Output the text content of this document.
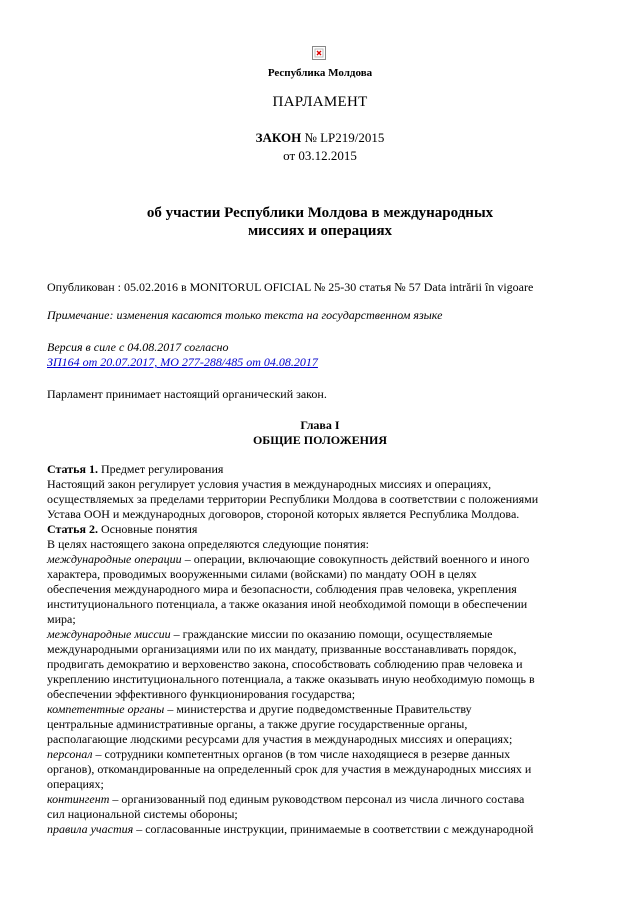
Республика Молдова
ПАРЛАМЕНТ
ЗАКОН № LP219/2015
от 03.12.2015
об участии Республики Молдова в международных
миссиях и операциях
Опубликован : 05.02.2016 в MONITORUL OFICIAL № 25-30 статья № 57 Data intrării în vigoare
Примечание: изменения касаются только текста на государственном языке
Версия в силе с 04.08.2017 согласно
ЗП164 от 20.07.2017, МО 277-288/485 от 04.08.2017
Парламент принимает настоящий органический закон.
Глава I
ОБЩИЕ ПОЛОЖЕНИЯ
Статья 1. Предмет регулирования
Настоящий закон регулирует условия участия в международных миссиях и операциях,
осуществляемых за пределами территории Республики Молдова в соответствии с положениями
Устава ООН и международных договоров, стороной которых является Республика Молдова.
Статья 2. Основные понятия
В целях настоящего закона определяются следующие понятия:
международные операции – операции, включающие совокупность действий военного и иного
характера, проводимых вооруженными силами (войсками) по мандату ООН в целях
обеспечения международного мира и безопасности, соблюдения прав человека, укрепления
институционального потенциала, а также оказания иной необходимой помощи в обеспечении
мира;
международные миссии – гражданские миссии по оказанию помощи, осуществляемые
международными организациями или по их мандату, призванные восстанавливать порядок,
продвигать демократию и верховенство закона, способствовать соблюдению прав человека и
укреплению институционального потенциала, а также оказывать иную необходимую помощь в
обеспечении эффективного функционирования государства;
компетентные органы – министерства и другие подведомственные Правительству
центральные административные органы, а также другие государственные органы,
располагающие людскими ресурсами для участия в международных миссиях и операциях;
персонал – сотрудники компетентных органов (в том числе находящиеся в резерве данных
органов), откомандированные на определенный срок для участия в международных миссиях и
операциях;
контингент – организованный под единым руководством персонал из числа личного состава
сил национальной системы обороны;
правила участия – согласованные инструкции, принимаемые в соответствии с международной
